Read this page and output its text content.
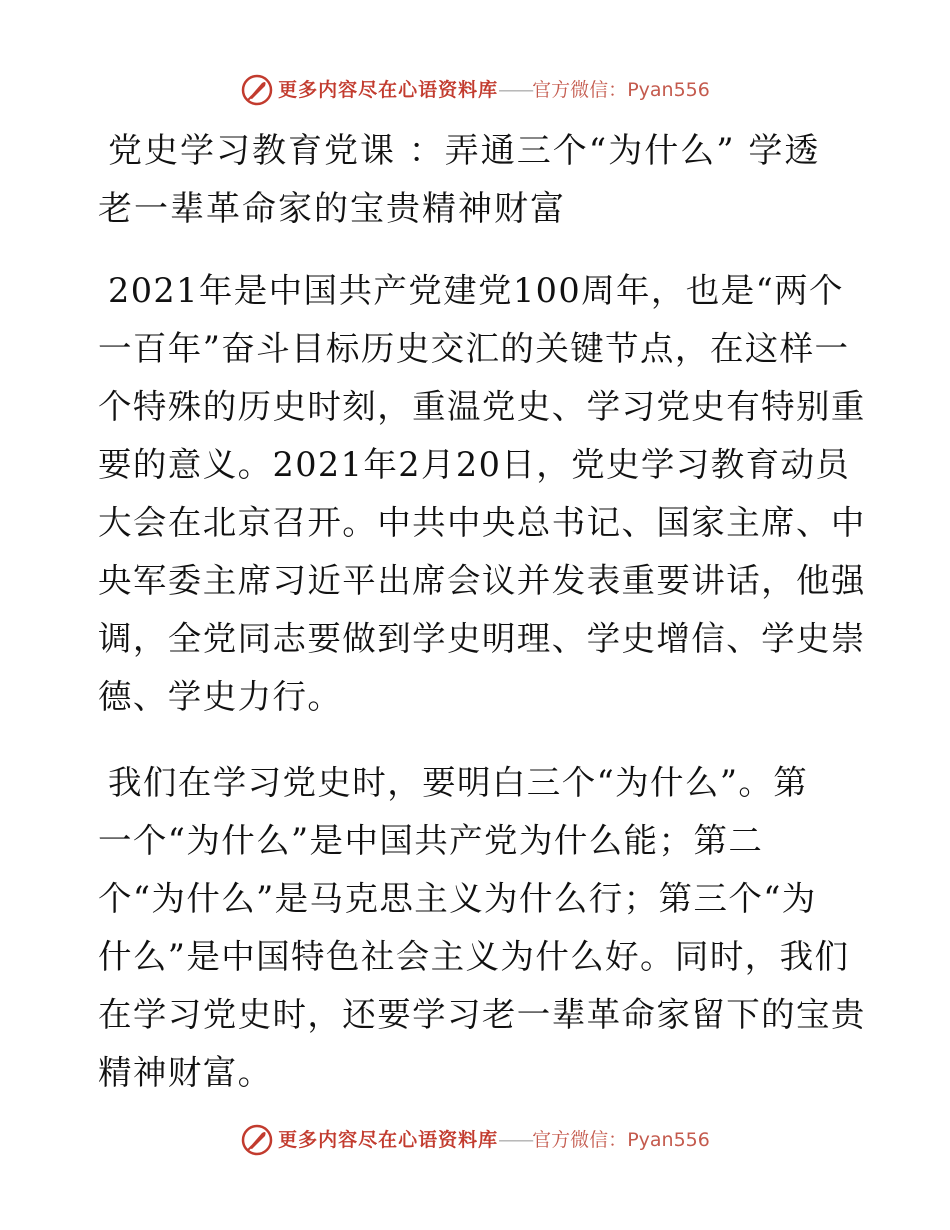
更多内容尽在心语资料库 —— 官方微信： Pyan556
党史学习教育党课 ：弄通三个“为什么” 学透
老一辈革命家的宝贵精神财富
2021年是中国共产党建党100周年，也是“两个
一百年”奋斗目标历史交汇的关键节点，在这样一
个特殊的历史时刻，重温党史、学习党史有特别重
要的意义。2021年2月20日，党史学习教育动员
大会在北京召开。中共中央总书记、国家主席、中
央军委主席习近平出席会议并发表重要讲话，他强
调，全党同志要做到学史明理、学史增信、学史崇
德、学史力行。
我们在学习党史时，要明白三个“为什么”。第
一个“为什么”是中国共产党为什么能；第二
个“为什么”是马克思主义为什么行；第三个“为
什么”是中国特色社会主义为什么好。同时，我们
在学习党史时，还要学习老一辈革命家留下的宝贵
精神财富。
更多内容尽在心语资料库 —— 官方微信： Pyan556
